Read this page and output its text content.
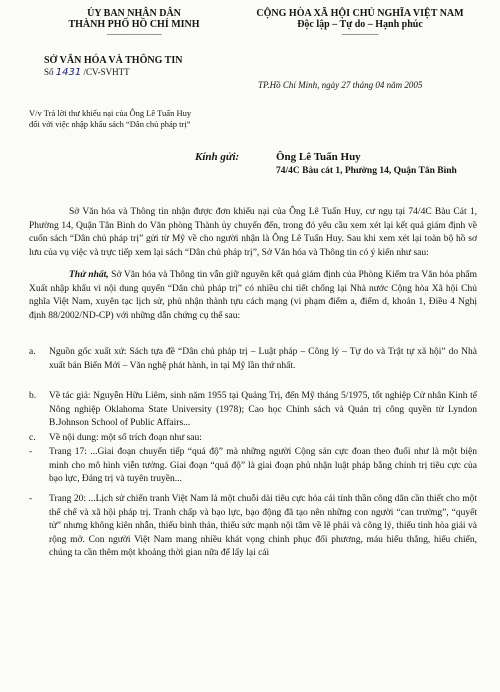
ỦY BAN NHÂN DÂN
THÀNH PHỐ HỒ CHÍ MINH
---------------------------
CỘNG HÒA XÃ HỘI CHỦ NGHĨA VIỆT NAM
Độc lập – Tự do – Hạnh phúc
------------------
SỞ VĂN HÓA VÀ THÔNG TIN
Số 1431 /CV-SVHTT
TP.Hồ Chí Minh, ngày 27 tháng 04 năm 2005
V/v Trả lời thư khiếu nại của Ông Lê Tuấn Huy
đối với việc nhập khẩu sách “Dân chủ pháp trị”
Kính gửi:	Ông Lê Tuấn Huy
74/4C Bàu cát 1, Phường 14, Quận Tân Bình
Sở Văn hóa và Thông tin nhận được đơn khiếu nại của Ông Lê Tuấn Huy, cư ngụ tại 74/4C Bàu Cát 1, Phường 14, Quận Tân Bình do Văn phòng Thành ủy chuyển đến, trong đó yêu cầu xem xét lại kết quả giám định về cuốn sách “Dân chủ pháp trị” gửi từ Mỹ về cho người nhận là Ông Lê Tuấn Huy. Sau khi xem xét lại toàn bộ hồ sơ lưu của vụ việc và trực tiếp xem lại sách “Dân chủ pháp trị”, Sở Văn hóa và Thông tin có ý kiến như sau:
Thứ nhất, Sở Văn hóa và Thông tin vẫn giữ nguyên kết quả giám định của Phòng Kiểm tra Văn hóa phẩm Xuất nhập khẩu vì nội dung quyển “Dân chủ pháp trị” có nhiều chi tiết chống lại Nhà nước Cộng hòa Xã hội Chủ nghĩa Việt Nam, xuyên tạc lịch sử, phủ nhận thành tựu cách mạng (vi phạm điểm a, điểm d, khoản 1, Điều 4 Nghị định 88/2002/ND-CP) với những dẫn chứng cụ thể sau:
a. Nguồn gốc xuất xứ: Sách tựa đề “Dân chủ pháp trị – Luật pháp – Công lý – Tự do và Trật tự xã hội” do Nhà xuất bản Biển Mới – Văn nghệ phát hành, in tại Mỹ lần thứ nhất.
b. Về tác giả: Nguyễn Hữu Liêm, sinh năm 1955 tại Quảng Trị, đến Mỹ tháng 5/1975, tốt nghiệp Cử nhân Kinh tế Nông nghiệp Oklahoma State University (1978); Cao học Chính sách và Quản trị công quyền từ Lyndon B.Johnson School of Public Affairs...
c. Về nội dung: một số trích đoạn như sau:
- Trang 17: ...Giai đoạn chuyển tiếp “quá độ” mà những người Cộng sản cực đoan theo đuổi như là một biện minh cho mô hình viễn tưởng. Giai đoạn “quá độ” là giai đoạn phủ nhận luật pháp bằng chính trị tiêu cực của bạo lực, Đảng trị và tuyên truyền...
- Trang 20: ...Lịch sử chiến tranh Việt Nam là một chuỗi dài tiêu cực hóa cái tính thần công dân cần thiết cho một thể chế và xã hội pháp trị. Tranh chấp và bạo lực, bạo động đã tạo nên những con người “can trường”, “quyết tử” nhưng không kiên nhẫn, thiếu bình thản, thiếu sức mạnh nội tâm về lẽ phải và công lý, thiếu tinh hòa giải và rộng mở. Con người Việt Nam mang nhiều khát vọng chinh phục đối phương, máu hiếu thắng, hiếu chiến, chúng ta cần thêm một khoảng thời gian nữa để lấy lại cái
